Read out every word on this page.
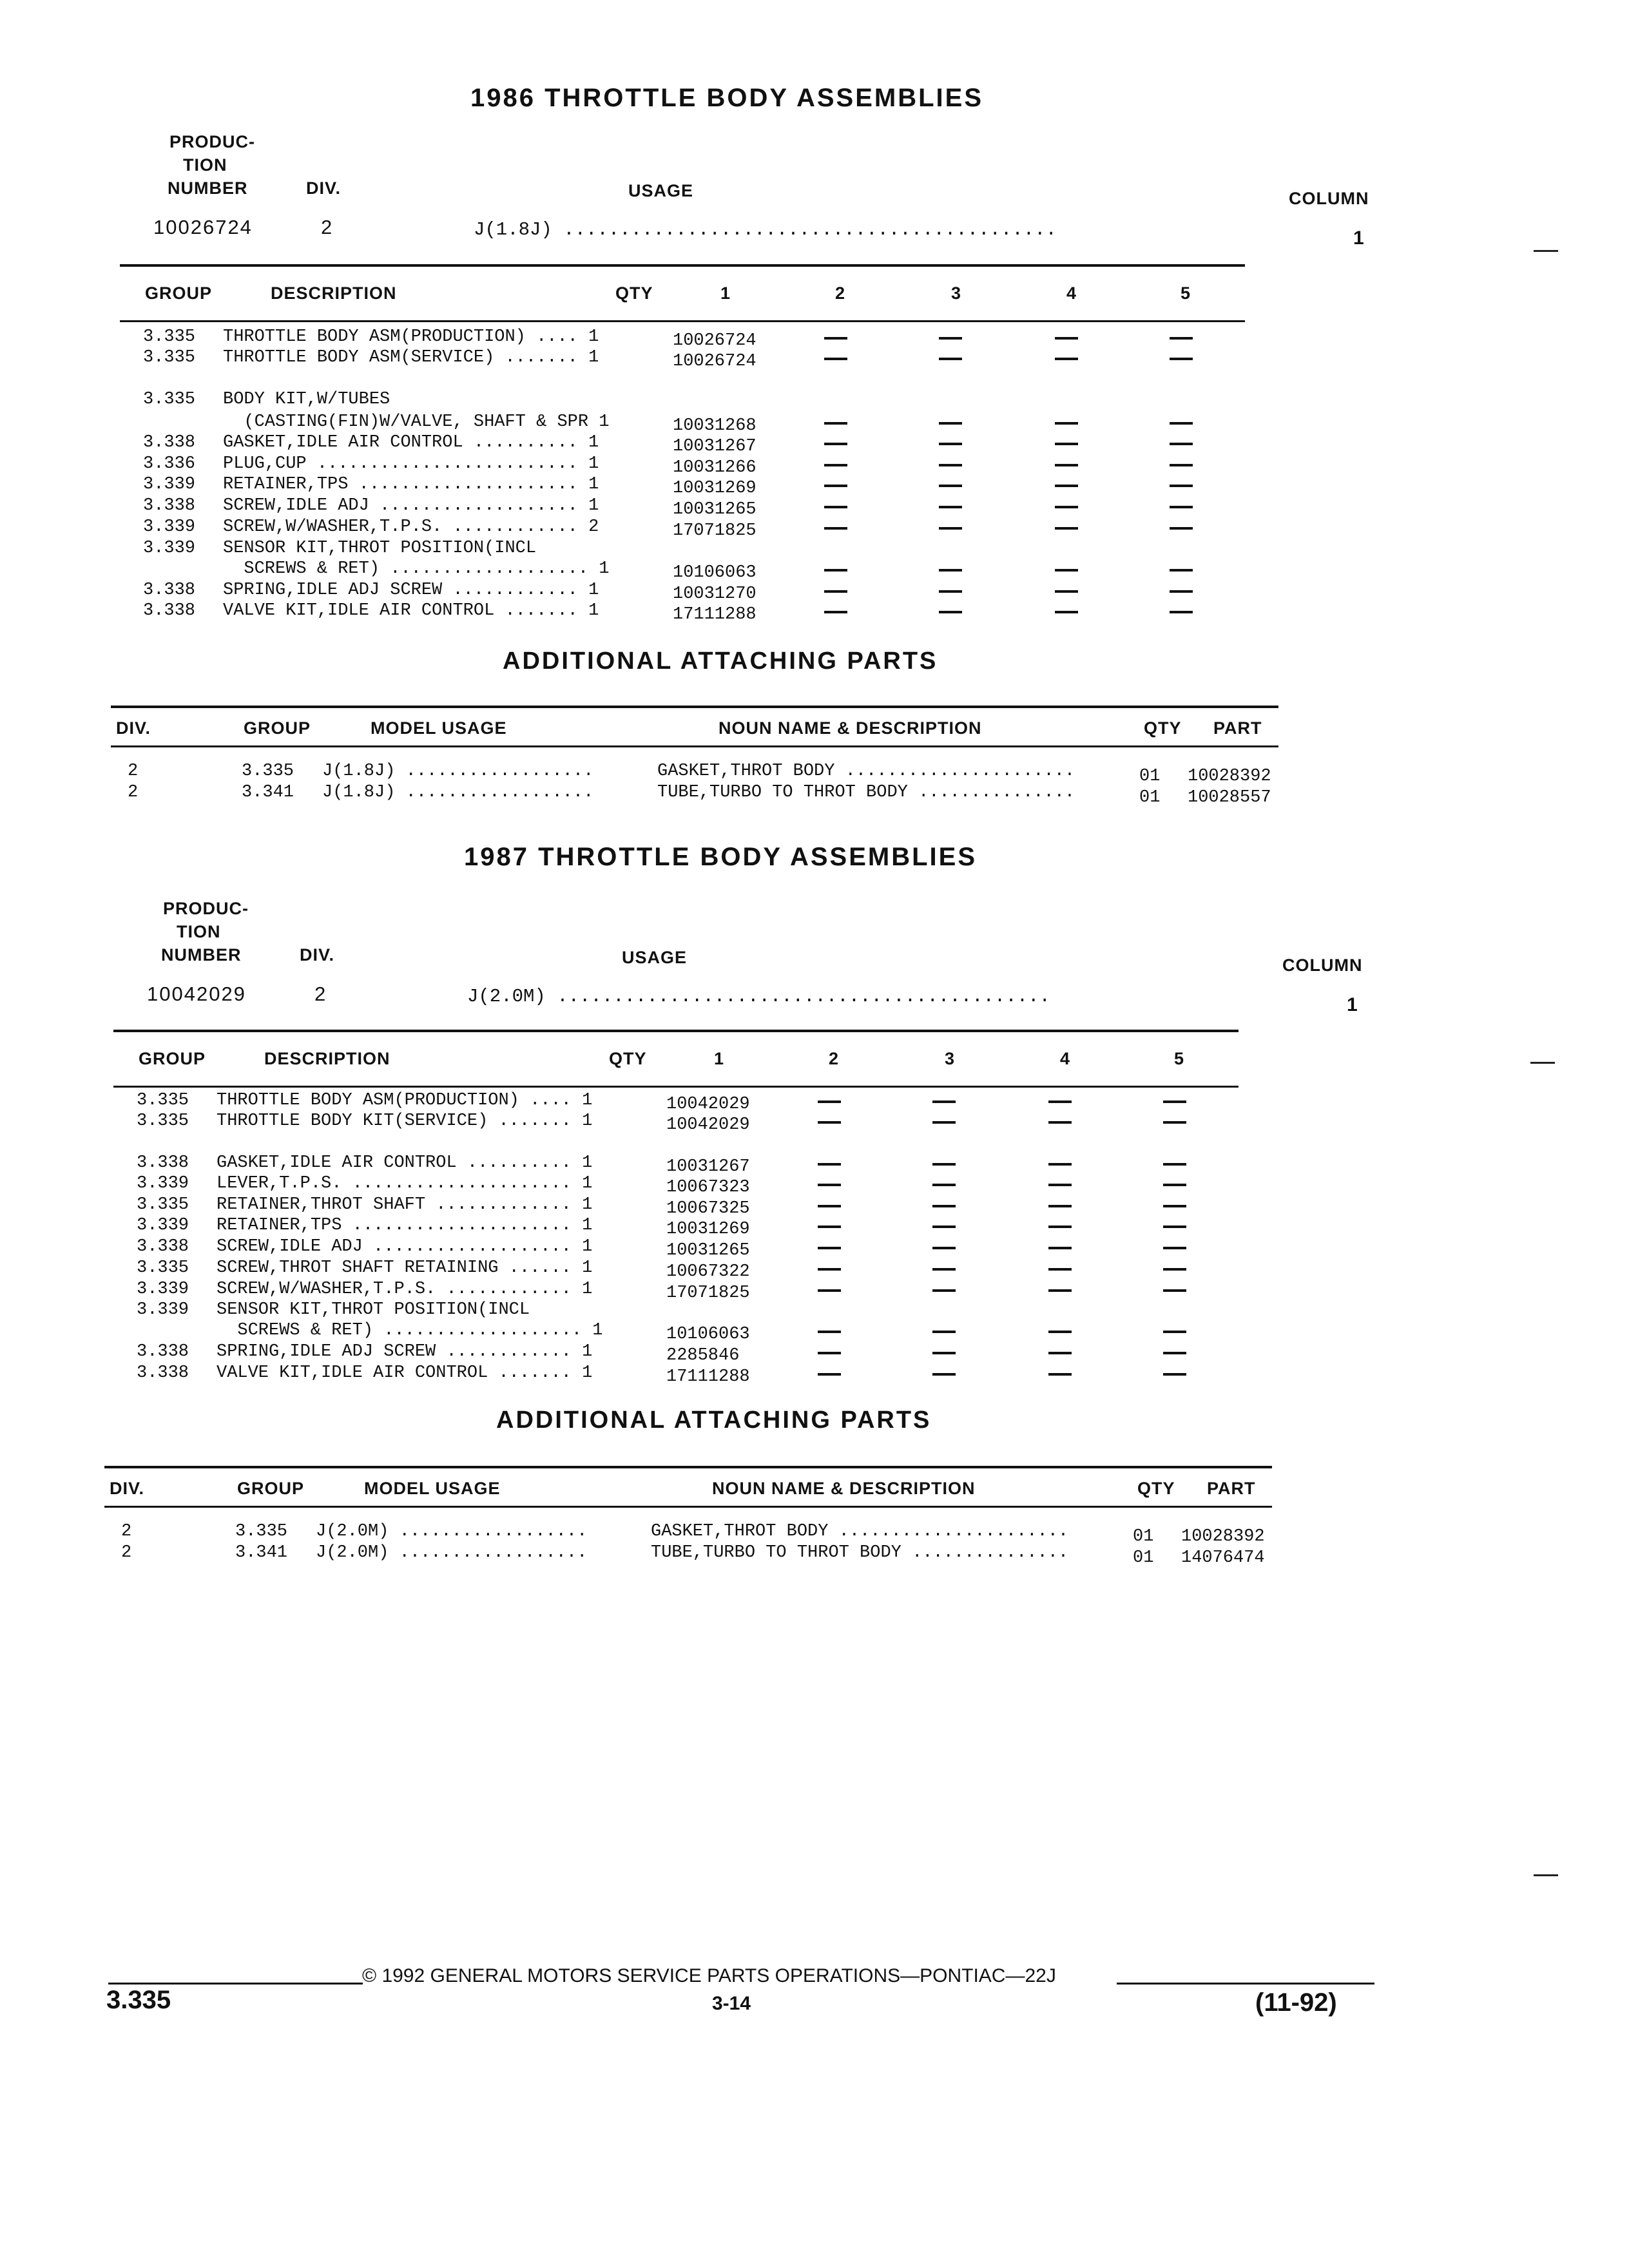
1986 THROTTLE BODY ASSEMBLIES
PRODUC-
TION
NUMBER	DIV.	USAGE	COLUMN
10026724	2	J(1.8J) ............................................	1
GROUP	DESCRIPTION	QTY	1	2	3	4	5
3.335 THROTTLE BODY ASM(PRODUCTION) .... 1	10026724
3.335 THROTTLE BODY ASM(SERVICE) ....... 1	10026724
3.335 BODY KIT,W/TUBES
(CASTING(FIN)W/VALVE, SHAFT & SPR 1	10031268
3.338 GASKET,IDLE AIR CONTROL .......... 1	10031267
3.336 PLUG,CUP ......................... 1	10031266
3.339 RETAINER,TPS ..................... 1	10031269
3.338 SCREW,IDLE ADJ ................... 1	10031265
3.339 SCREW,W/WASHER,T.P.S. ............ 2	17071825
3.339 SENSOR KIT,THROT POSITION(INCL
SCREWS & RET) ................... 1	10106063
3.338 SPRING,IDLE ADJ SCREW ............ 1	10031270
3.338 VALVE KIT,IDLE AIR CONTROL ....... 1	17111288
ADDITIONAL ATTACHING PARTS
DIV.	GROUP	MODEL USAGE	NOUN NAME & DESCRIPTION	QTY PART
2	3.335 J(1.8J) ..................	GASKET,THROT BODY ......................	01 10028392
2	3.341 J(1.8J) ..................	TUBE,TURBO TO THROT BODY ...............	01 10028557
1987 THROTTLE BODY ASSEMBLIES
PRODUC-
TION
NUMBER	DIV.	USAGE	COLUMN
10042029	2	J(2.0M) ............................................	1
GROUP	DESCRIPTION	QTY	1	2	3	4	5
3.335 THROTTLE BODY ASM(PRODUCTION) .... 1	10042029
3.335 THROTTLE BODY KIT(SERVICE) ....... 1	10042029
3.338 GASKET,IDLE AIR CONTROL .......... 1	10031267
3.339 LEVER,T.P.S. ..................... 1	10067323
3.335 RETAINER,THROT SHAFT ............. 1	10067325
3.339 RETAINER,TPS ..................... 1	10031269
3.338 SCREW,IDLE ADJ ................... 1	10031265
3.335 SCREW,THROT SHAFT RETAINING ...... 1	10067322
3.339 SCREW,W/WASHER,T.P.S. ............ 1	17071825
3.339 SENSOR KIT,THROT POSITION(INCL
SCREWS & RET) ................... 1	10106063
3.338 SPRING,IDLE ADJ SCREW ............ 1	2285846
3.338 VALVE KIT,IDLE AIR CONTROL ....... 1	17111288
ADDITIONAL ATTACHING PARTS
DIV.	GROUP	MODEL USAGE	NOUN NAME & DESCRIPTION	QTY PART
2	3.335 J(2.0M) ..................	GASKET,THROT BODY ......................	01 10028392
2	3.341 J(2.0M) ..................	TUBE,TURBO TO THROT BODY ...............	01 14076474
3.335
© 1992 GENERAL MOTORS SERVICE PARTS OPERATIONS—PONTIAC—22J
3-14	(11-92)
